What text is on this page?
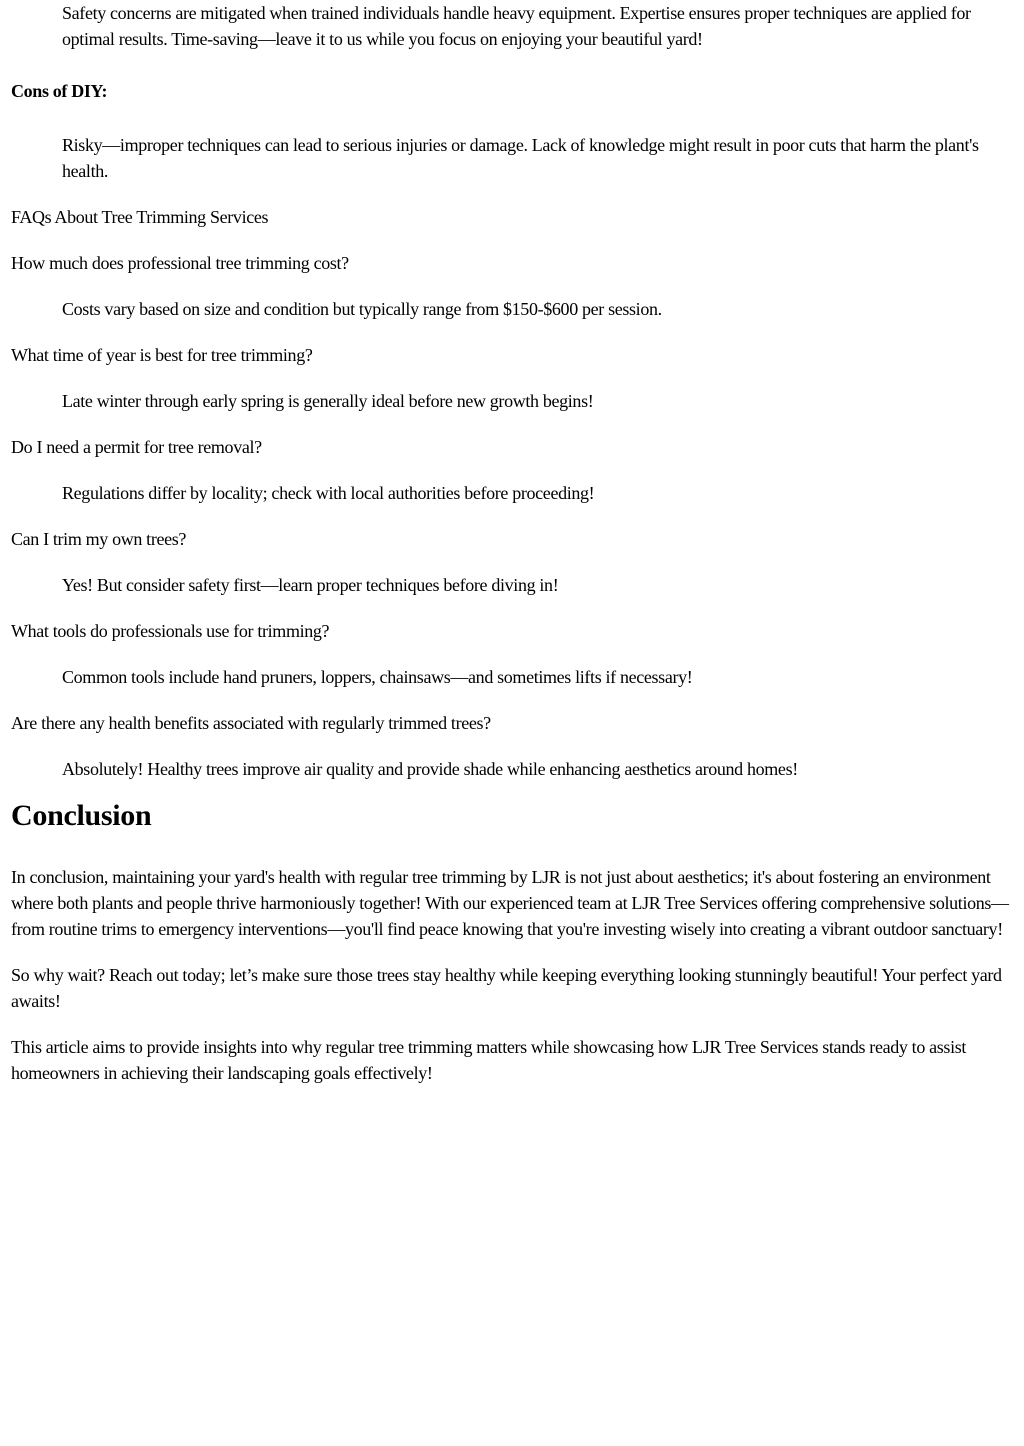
Safety concerns are mitigated when trained individuals handle heavy equipment. Expertise ensures proper techniques are applied for optimal results. Time-saving—leave it to us while you focus on enjoying your beautiful yard!

Cons of DIY:

Risky—improper techniques can lead to serious injuries or damage. Lack of knowledge might result in poor cuts that harm the plant's health.

FAQs About Tree Trimming Services

How much does professional tree trimming cost?

Costs vary based on size and condition but typically range from $150-$600 per session.

What time of year is best for tree trimming?

Late winter through early spring is generally ideal before new growth begins!

Do I need a permit for tree removal?

Regulations differ by locality; check with local authorities before proceeding!

Can I trim my own trees?

Yes! But consider safety first—learn proper techniques before diving in!

What tools do professionals use for trimming?

Common tools include hand pruners, loppers, chainsaws—and sometimes lifts if necessary!

Are there any health benefits associated with regularly trimmed trees?

Absolutely! Healthy trees improve air quality and provide shade while enhancing aesthetics around homes!

Conclusion

In conclusion, maintaining your yard's health with regular tree trimming by LJR is not just about aesthetics; it's about fostering an environment where both plants and people thrive harmoniously together! With our experienced team at LJR Tree Services offering comprehensive solutions—from routine trims to emergency interventions—you'll find peace knowing that you're investing wisely into creating a vibrant outdoor sanctuary!

So why wait? Reach out today; let’s make sure those trees stay healthy while keeping everything looking stunningly beautiful! Your perfect yard awaits!

This article aims to provide insights into why regular tree trimming matters while showcasing how LJR Tree Services stands ready to assist homeowners in achieving their landscaping goals effectively!
